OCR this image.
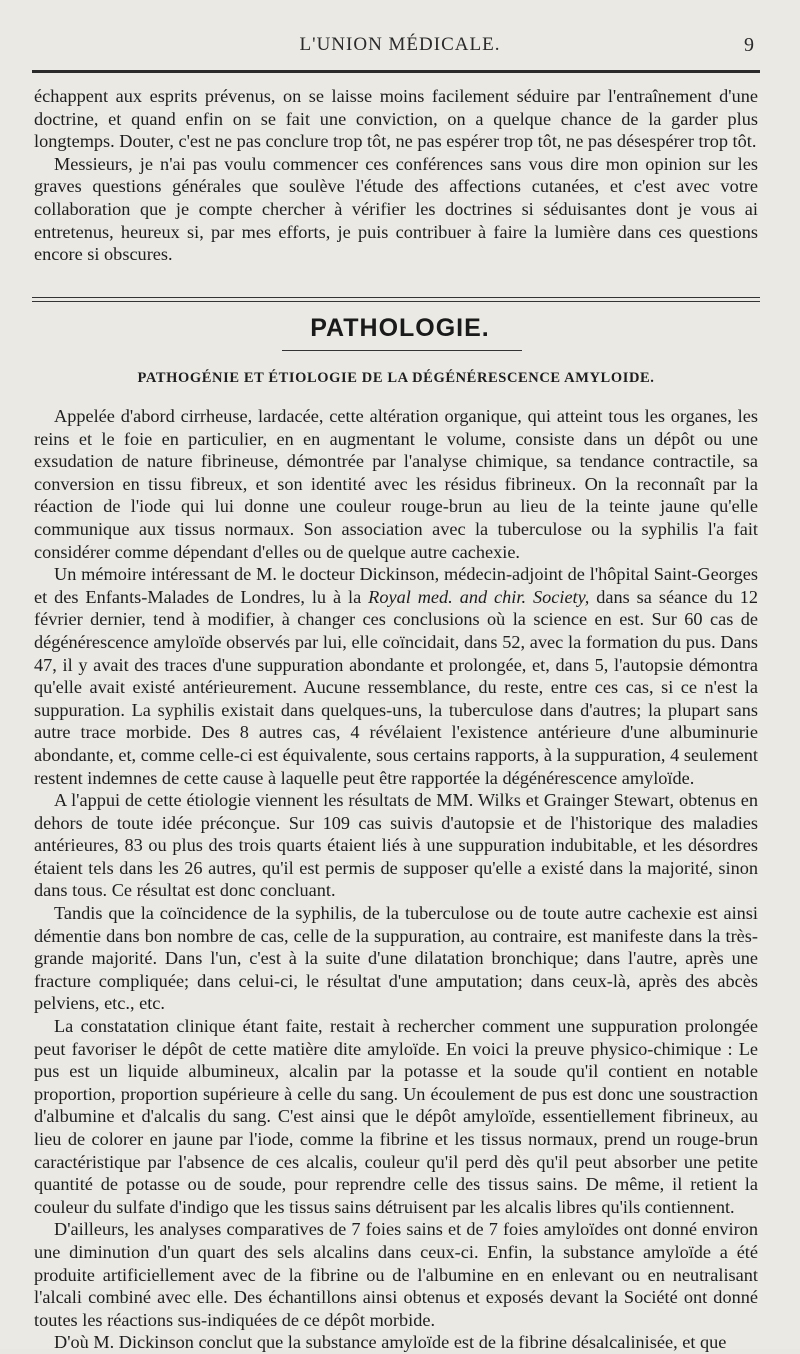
L'UNION MÉDICALE.	9

échappent aux esprits prévenus, on se laisse moins facilement séduire par l'entraînement d'une doctrine, et quand enfin on se fait une conviction, on a quelque chance de la garder plus longtemps. Douter, c'est ne pas conclure trop tôt, ne pas espérer trop tôt, ne pas désespérer trop tôt.

Messieurs, je n'ai pas voulu commencer ces conférences sans vous dire mon opinion sur les graves questions générales que soulève l'étude des affections cutanées, et c'est avec votre collaboration que je compte chercher à vérifier les doctrines si séduisantes dont je vous ai entretenus, heureux si, par mes efforts, je puis contribuer à faire la lumière dans ces questions encore si obscures.

PATHOLOGIE.
PATHOGÉNIE ET ÉTIOLOGIE DE LA DÉGÉNÉRESCENCE AMYLOIDE.

Appelée d'abord cirrheuse, lardacée, cette altération organique, qui atteint tous les organes, les reins et le foie en particulier, en en augmentant le volume, consiste dans un dépôt ou une exsudation de nature fibrineuse, démontrée par l'analyse chimique, sa tendance contractile, sa conversion en tissu fibreux, et son identité avec les résidus fibrineux. On la reconnaît par la réaction de l'iode qui lui donne une couleur rouge-brun au lieu de la teinte jaune qu'elle communique aux tissus normaux. Son association avec la tuberculose ou la syphilis l'a fait considérer comme dépendant d'elles ou de quelque autre cachexie.

Un mémoire intéressant de M. le docteur Dickinson, médecin-adjoint de l'hôpital Saint-Georges et des Enfants-Malades de Londres, lu à la Royal med. and chir. Society, dans sa séance du 12 février dernier, tend à modifier, à changer ces conclusions où la science en est. Sur 60 cas de dégénérescence amyloïde observés par lui, elle coïncidait, dans 52, avec la formation du pus. Dans 47, il y avait des traces d'une suppuration abondante et prolongée, et, dans 5, l'autopsie démontra qu'elle avait existé antérieurement. Aucune ressemblance, du reste, entre ces cas, si ce n'est la suppuration. La syphilis existait dans quelques-uns, la tuberculose dans d'autres; la plupart sans autre trace morbide. Des 8 autres cas, 4 révélaient l'existence antérieure d'une albuminurie abondante, et, comme celle-ci est équivalente, sous certains rapports, à la suppuration, 4 seulement restent indemnes de cette cause à laquelle peut être rapportée la dégénérescence amyloïde.

A l'appui de cette étiologie viennent les résultats de MM. Wilks et Grainger Stewart, obtenus en dehors de toute idée préconçue. Sur 109 cas suivis d'autopsie et de l'historique des maladies antérieures, 83 ou plus des trois quarts étaient liés à une suppuration indubitable, et les désordres étaient tels dans les 26 autres, qu'il est permis de supposer qu'elle a existé dans la majorité, sinon dans tous. Ce résultat est donc concluant.

Tandis que la coïncidence de la syphilis, de la tuberculose ou de toute autre cachexie est ainsi démentie dans bon nombre de cas, celle de la suppuration, au contraire, est manifeste dans la très-grande majorité. Dans l'un, c'est à la suite d'une dilatation bronchique; dans l'autre, après une fracture compliquée; dans celui-ci, le résultat d'une amputation; dans ceux-là, après des abcès pelviens, etc., etc.

La constatation clinique étant faite, restait à rechercher comment une suppuration prolongée peut favoriser le dépôt de cette matière dite amyloïde. En voici la preuve physico-chimique : Le pus est un liquide albumineux, alcalin par la potasse et la soude qu'il contient en notable proportion, proportion supérieure à celle du sang. Un écoulement de pus est donc une soustraction d'albumine et d'alcalis du sang. C'est ainsi que le dépôt amyloïde, essentiellement fibrineux, au lieu de colorer en jaune par l'iode, comme la fibrine et les tissus normaux, prend un rouge-brun caractéristique par l'absence de ces alcalis, couleur qu'il perd dès qu'il peut absorber une petite quantité de potasse ou de soude, pour reprendre celle des tissus sains. De même, il retient la couleur du sulfate d'indigo que les tissus sains détruisent par les alcalis libres qu'ils contiennent.

D'ailleurs, les analyses comparatives de 7 foies sains et de 7 foies amyloïdes ont donné environ une diminution d'un quart des sels alcalins dans ceux-ci. Enfin, la substance amyloïde a été produite artificiellement avec de la fibrine ou de l'albumine en en enlevant ou en neutralisant l'alcali combiné avec elle. Des échantillons ainsi obtenus et exposés devant la Société ont donné toutes les réactions sus-indiquées de ce dépôt morbide.

D'où M. Dickinson conclut que la substance amyloïde est de la fibrine désalcalinisée, et que
